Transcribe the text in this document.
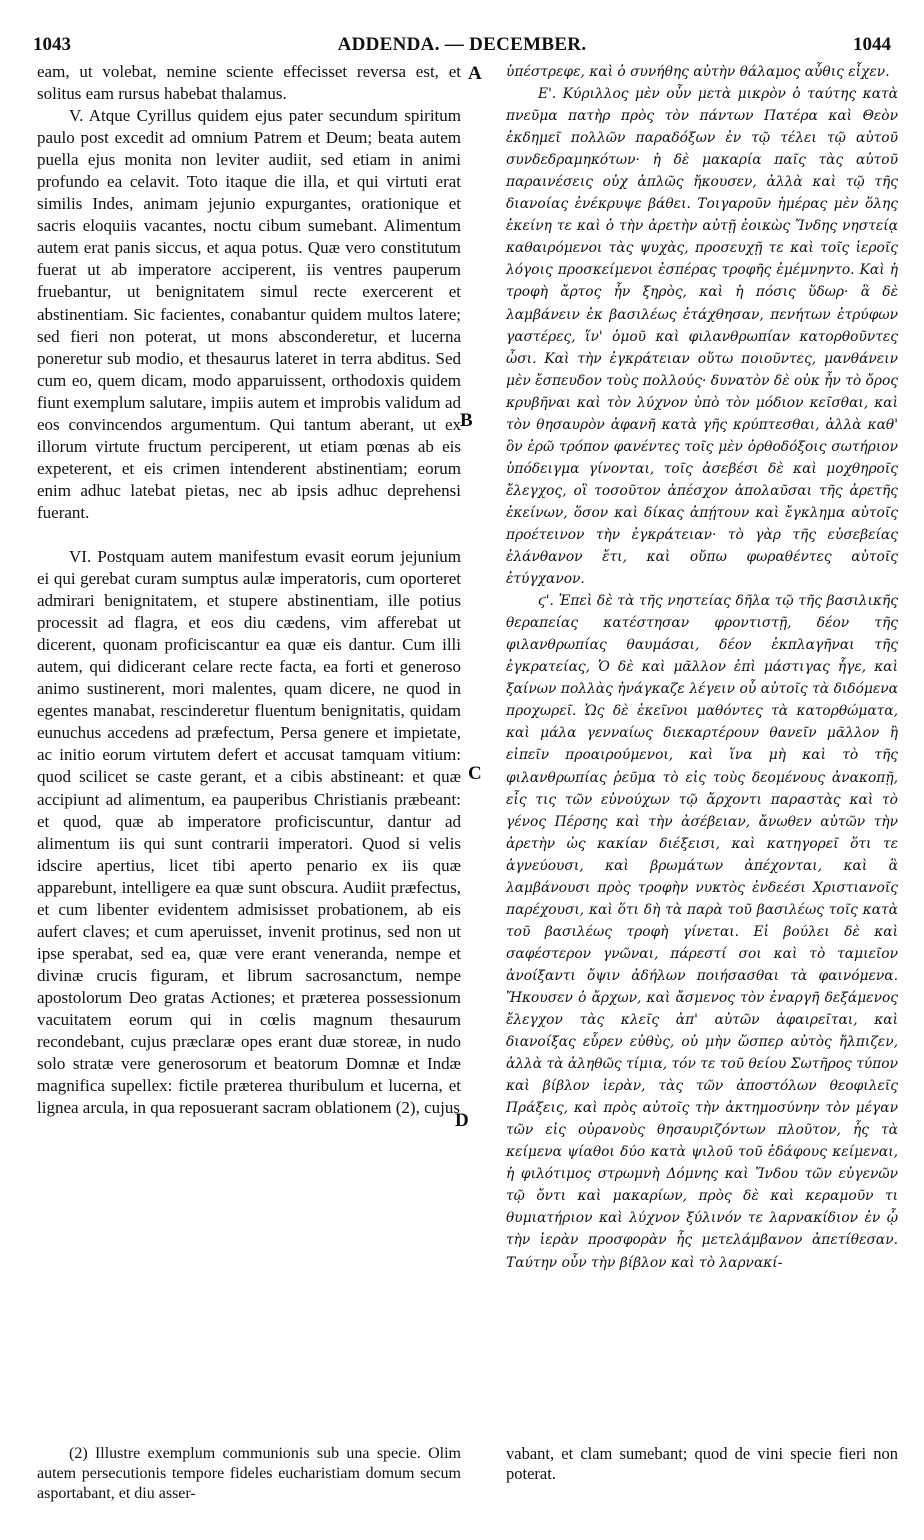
1043	ADDENDA. — DECEMBER.	1044

eam, ut volebat, nemine sciente effecisset reversa est, et solitus eam rursus habebat thalamus.

V. Atque Cyrillus quidem ejus pater secundum spiritum paulo post excedit ad omnium Patrem et Deum; beata autem puella ejus monita non leviter audiit, sed etiam in animi profundo ea celavit. Toto itaque die illa, et qui virtuti erat similis Indes, animam jejunio expurgantes, orationique et sacris eloquiis vacantes, noctu cibum sumebant. Alimentum autem erat panis siccus, et aqua potus. Quæ vero constitutum fuerat ut ab imperatore acciperent, iis ventres pauperum fruebantur, ut benignitatem simul recte exercerent et abstinentiam. Sic facientes, conabantur quidem multos latere; sed fieri non poterat, ut mons absconderetur, et lucerna poneretur sub modio, et thesaurus lateret in terra abditus. Sed cum eo, quem dicam, modo apparuissent, orthodoxis quidem fiunt exemplum salutare, impiis autem et improbis validum ad eos convincendos argumentum. Qui tantum aberant, ut ex illorum virtute fructum perciperent, ut etiam pœnas ab eis expeterent, et eis crimen intenderent abstinentiam; eorum enim adhuc latebat pietas, nec ab ipsis adhuc deprehensi fuerant.

VI. Postquam autem manifestum evasit eorum jejunium ei qui gerebat curam sumptus aulæ imperatoris, cum oporteret admirari benignitatem, et stupere abstinentiam, ille potius processit ad flagra, et eos diu cædens, vim afferebat ut dicerent, quonam proficiscantur ea quæ eis dantur. Cum illi autem, qui didicerant celare recte facta, ea forti et generoso animo sustinerent, mori malentes, quam dicere, ne quod in egentes manabat, rescinderetur fluentum benignitatis, quidam eunuchus accedens ad præfectum, Persa genere et impietate, ac initio eorum virtutem defert et accusat tamquam vitium: quod scilicet se caste gerant, et a cibis abstineant: et quæ accipiunt ad alimentum, ea pauperibus Christianis præbeant: et quod, quæ ab imperatore proficiscuntur, dantur ad alimentum iis qui sunt contrarii imperatori. Quod si velis idscire apertius, licet tibi aperto penario ex iis quæ apparebunt, intelligere ea quæ sunt obscura. Audiit præfectus, et cum libenter evidentem admisisset probationem, ab eis aufert claves; et cum aperuisset, invenit protinus, sed non ut ipse sperabat, sed ea, quæ vere erant veneranda, nempe et divinæ crucis figuram, et librum sacrosanctum, nempe apostolorum Deo gratas Actiones; et præterea possessionum vacuitatem eorum qui in cœlis magnum thesaurum recondebant, cujus præclaræ opes erant duæ storeæ, in nudo solo stratæ vere generosorum et beatorum Domnæ et Indæ magnifica supellex: fictile præterea thuribulum et lucerna, et lignea arcula, in qua reposuerant sacram oblationem (2), cujus

ὑπέστρεφε, καὶ ὁ συνήθης αὐτὴν θάλαμος αὖθις εἶχεν.

Ε'. Κύριλλος μὲν οὖν μετὰ μικρὸν ὁ ταύτης κατὰ πνεῦμα πατὴρ πρὸς τὸν πάντων Πατέρα καὶ Θεὸν ἐκδημεῖ πολλῶν παραδόξων ἐν τῷ τέλει τῷ αὐτοῦ συνδεδραμηκότων· ἡ δὲ μακαρία παῖς τὰς αὐτοῦ παραινέσεις οὐχ ἁπλῶς ἤκουσεν, ἀλλὰ καὶ τῷ τῆς διανοίας ἐνέκρυψε βάθει. Τοιγαροῦν ἡμέρας μὲν ὅλης ἐκείνη τε καὶ ὁ τὴν ἀρετὴν αὐτῇ ἐοικὼς Ἴνδης νηστείᾳ καθαιρόμενοι τὰς ψυχὰς, προσευχῇ τε καὶ τοῖς ἱεροῖς λόγοις προσκείμενοι ἑσπέρας τροφῆς ἐμέμνηντο. Καὶ ἡ τροφὴ ἄρτος ἦν ξηρὸς, καὶ ἡ πόσις ὕδωρ· ἃ δὲ λαμβάνειν ἐκ βασιλέως ἐτάχθησαν, πενήτων ἐτρύφων γαστέρες, ἵν' ὁμοῦ καὶ φιλανθρωπίαν κατορθοῦντες ὦσι. Καὶ τὴν ἐγκράτειαν οὕτω ποιοῦντες, μανθάνειν μὲν ἔσπευδον τοὺς πολλούς· δυνατὸν δὲ οὐκ ἦν τὸ ὄρος κρυβῆναι καὶ τὸν λύχνον ὑπὸ τὸν μόδιον κεῖσθαι, καὶ τὸν θησαυρὸν ἀφανῆ κατὰ γῆς κρύπτεσθαι, ἀλλὰ καθ' ὃν ἐρῶ τρόπον φανέντες τοῖς μὲν ὀρθοδόξοις σωτήριον ὑπόδειγμα γίνονται, τοῖς ἀσεβέσι δὲ καὶ μοχθηροῖς ἔλεγχος, οἳ τοσοῦτον ἀπέσχον ἀπολαῦσαι τῆς ἀρετῆς ἐκείνων, ὅσον καὶ δίκας ἀπῄτουν καὶ ἔγκλημα αὐτοῖς προέτεινον τὴν ἐγκράτειαν· τὸ γὰρ τῆς εὐσεβείας ἐλάνθανον ἔτι, καὶ οὔπω φωραθέντες αὐτοῖς ἐτύγχανον.

ϛ'. Ἐπεὶ δὲ τὰ τῆς νηστείας δῆλα τῷ τῆς βασιλικῆς θεραπείας κατέστησαν φροντιστῇ, δέον τῆς φιλανθρωπίας θαυμάσαι, δέον ἐκπλαγῆναι τῆς ἐγκρατείας, Ὁ δὲ καὶ μᾶλλον ἐπὶ μάστιγας ἧγε, καὶ ξαίνων πολλὰς ἠνάγκαζε λέγειν οὗ αὐτοῖς τὰ διδόμενα προχωρεῖ. Ὡς δὲ ἐκεῖνοι μαθόντες τὰ κατορθώματα, καὶ μάλα γενναίως διεκαρτέρουν θανεῖν μᾶλλον ἢ εἰπεῖν προαιρούμενοι, καὶ ἵνα μὴ καὶ τὸ τῆς φιλανθρωπίας ῥεῦμα τὸ εἰς τοὺς δεομένους ἀνακοπῇ, εἷς τις τῶν εὐνούχων τῷ ἄρχοντι παραστὰς καὶ τὸ γένος Πέρσης καὶ τὴν ἀσέβειαν, ἄνωθεν αὐτῶν τὴν ἀρετὴν ὡς κακίαν διέξεισι, καὶ κατηγορεῖ ὅτι τε ἁγνεύουσι, καὶ βρωμάτων ἀπέχονται, καὶ ἃ λαμβάνουσι πρὸς τροφὴν νυκτὸς ἐνδεέσι Χριστιανοῖς παρέχουσι, καὶ ὅτι δὴ τὰ παρὰ τοῦ βασιλέως τοῖς κατὰ τοῦ βασιλέως τροφὴ γίνεται. Εἰ βούλει δὲ καὶ σαφέστερον γνῶναι, πάρεστί σοι καὶ τὸ ταμιεῖον ἀνοίξαντι ὄψιν ἀδήλων ποιήσασθαι τὰ φαινόμενα. Ἤκουσεν ὁ ἄρχων, καὶ ἄσμενος τὸν ἐναργῆ δεξάμενος ἔλεγχον τὰς κλεῖς ἀπ' αὐτῶν ἀφαιρεῖται, καὶ διανοίξας εὗρεν εὐθὺς, οὐ μὴν ὥσπερ αὐτὸς ἤλπιζεν, ἀλλὰ τὰ ἀληθῶς τίμια, τόν τε τοῦ θείου Σωτῆρος τύπον καὶ βίβλον ἱερὰν, τὰς τῶν ἀποστόλων θεοφιλεῖς Πράξεις, καὶ πρὸς αὐτοῖς τὴν ἀκτημοσύνην τὸν μέγαν τῶν εἰς οὐρανοὺς θησαυριζόντων πλοῦτον, ἧς τὰ κείμενα ψίαθοι δύο κατὰ ψιλοῦ τοῦ ἐδάφους κείμεναι, ἡ φιλότιμος στρωμνὴ Δόμνης καὶ Ἴνδου τῶν εὐγενῶν τῷ ὄντι καὶ μακαρίων, πρὸς δὲ καὶ κεραμοῦν τι θυμιατήριον καὶ λύχνον ξύλινόν τε λαρνακίδιον ἐν ᾧ τὴν ἱερὰν προσφορὰν ἧς μετελάμβανον ἀπετίθεσαν. Ταύτην οὖν τὴν βίβλον καὶ τὸ λαρνακί-

A
B
C
D

(2) Illustre exemplum communionis sub una specie. Olim autem persecutionis tempore fideles eucharistiam domum secum asportabant, et diu asser-

vabant, et clam sumebant; quod de vini specie fieri non poterat.
